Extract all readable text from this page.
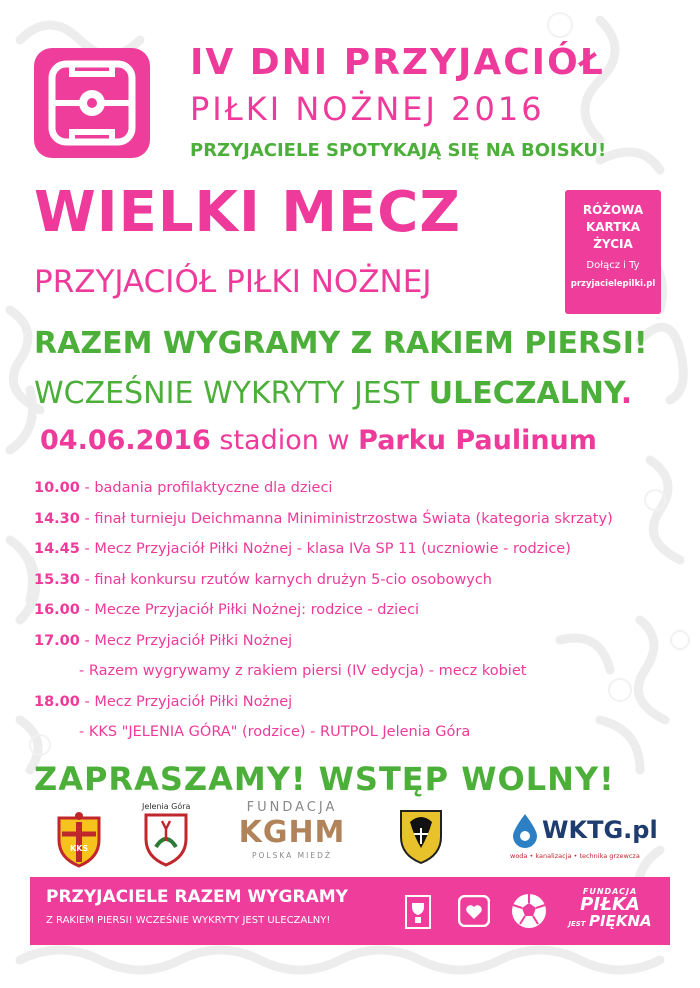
IV DNI PRZYJACIÓŁ
PIŁKI NOŻNEJ 2016
PRZYJACIELE SPOTYKAJĄ SIĘ NA BOISKU!
WIELKI MECZ
PRZYJACIÓŁ PIŁKI NOŻNEJ
RÓŻOWA
KARTKA
ŻYCIA
Dołącz i Ty
przyjacielepilki.pl
RAZEM WYGRAMY Z RAKIEM PIERSI!
WCZEŚNIE WYKRYTY JEST ULECZALNY.
04.06.2016 stadion w Parku Paulinum
10.00 - badania profilaktyczne dla dzieci
14.30 - finał turnieju Deichmanna Miniministrzostwa Świata (kategoria skrzaty)
14.45 - Mecz Przyjaciół Piłki Nożnej - klasa IVa SP 11 (uczniowie - rodzice)
15.30 - finał konkursu rzutów karnych drużyn 5-cio osobowych
16.00 - Mecze Przyjaciół Piłki Nożnej: rodzice - dzieci
17.00 - Mecz Przyjaciół Piłki Nożnej
- Razem wygrywamy z rakiem piersi (IV edycja) - mecz kobiet
18.00 - Mecz Przyjaciół Piłki Nożnej
- KKS "JELENIA GÓRA" (rodzice) - RUTPOL Jelenia Góra
ZAPRASZAMY! WSTĘP WOLNY!
KKS
Jelenia Góra	FUNDACJA
KGHM
POLSKA MIEDŹ
WKTG.pl
woda • kanalizacja • technika grzewcza
PRZYJACIELE RAZEM WYGRAMY
Z RAKIEM PIERSI! WCZEŚNIE WYKRYTY JEST ULECZALNY!
FUNDACJA
PIŁKA
JEST PIĘKNA
